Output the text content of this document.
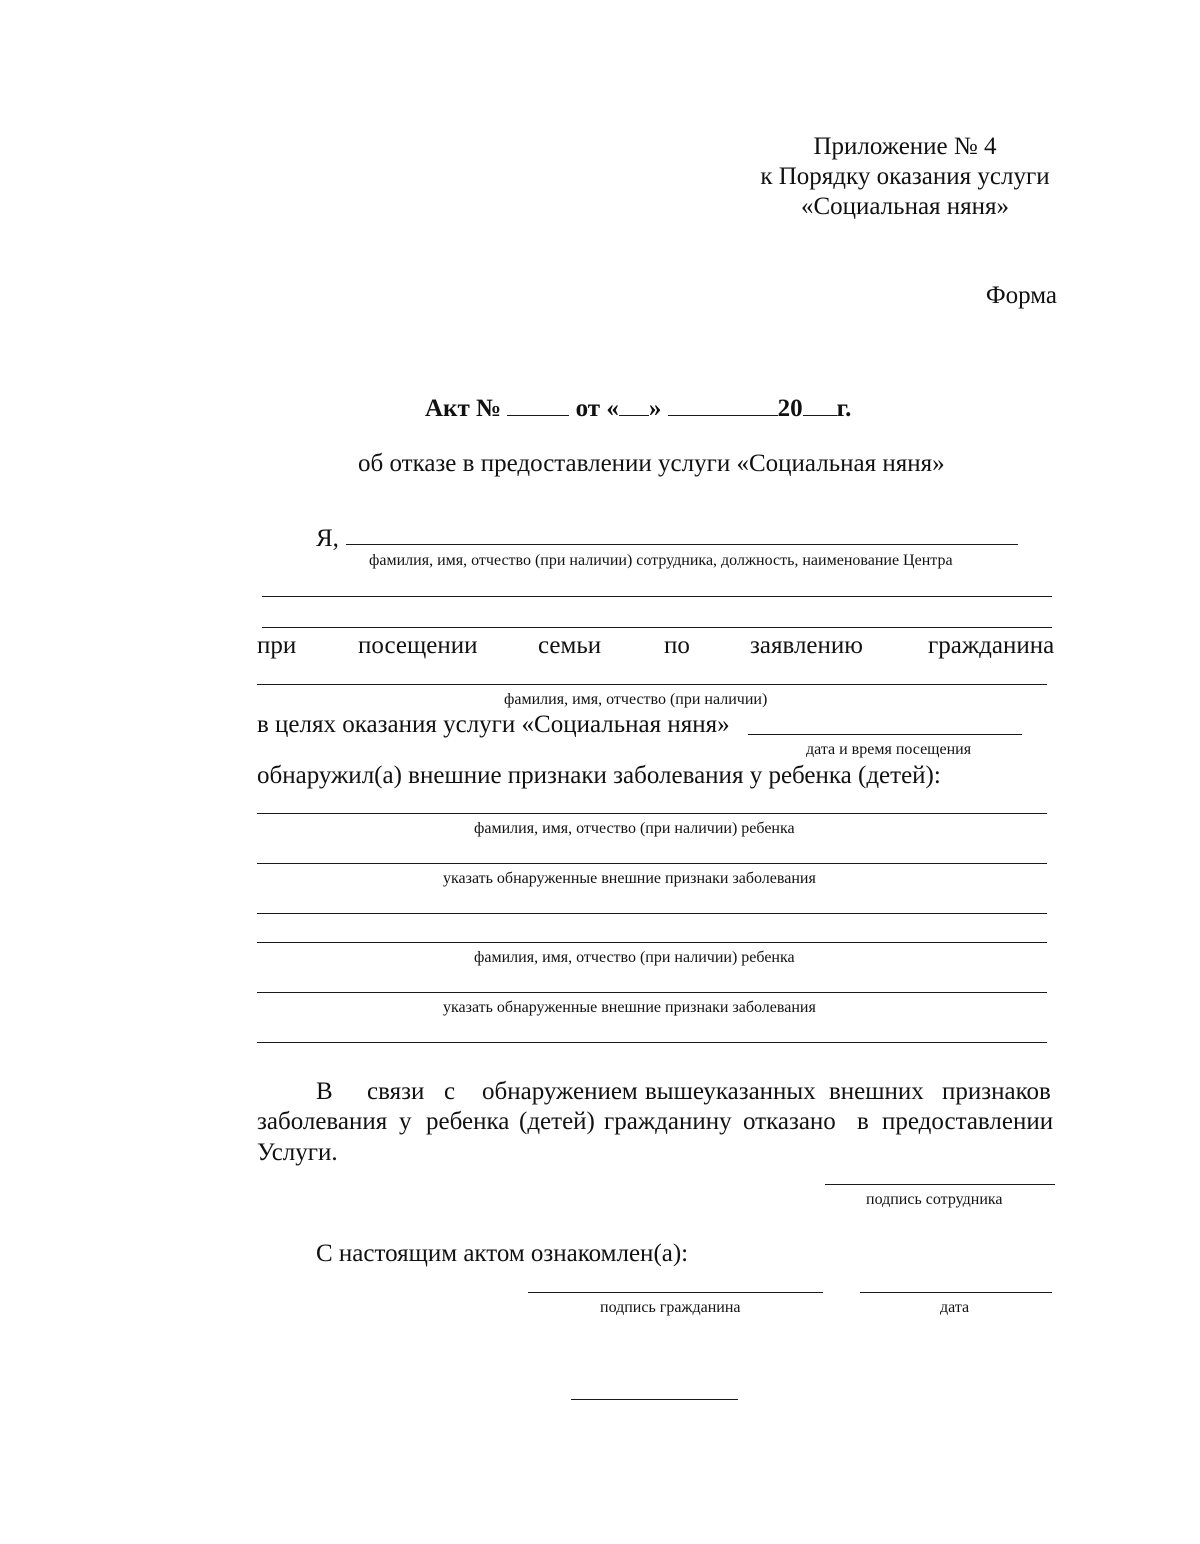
Приложение № 4
к Порядку оказания услуги
«Социальная няня»
Форма
Акт №	от « »	20 г.
об отказе в предоставлении услуги «Социальная няня»
Я,
фамилия, имя, отчество (при наличии) сотрудника, должность, наименование Центра
при посещении семьи	по заявлению	гражданина
фамилия, имя, отчество (при наличии)
в целях оказания услуги «Социальная няня»
дата и время посещения
обнаружил(а) внешние признаки заболевания у ребенка (детей):
фамилия, имя, отчество (при наличии) ребенка
указать обнаруженные внешние признаки заболевания
фамилия, имя, отчество (при наличии) ребенка
указать обнаруженные внешние признаки заболевания
В связи с обнаружением вышеуказанных внешних признаков
заболевания у ребенка (детей) гражданину отказано в предоставлении
Услуги.
подпись сотрудника
С настоящим актом ознакомлен(а):
подпись гражданина	дата
